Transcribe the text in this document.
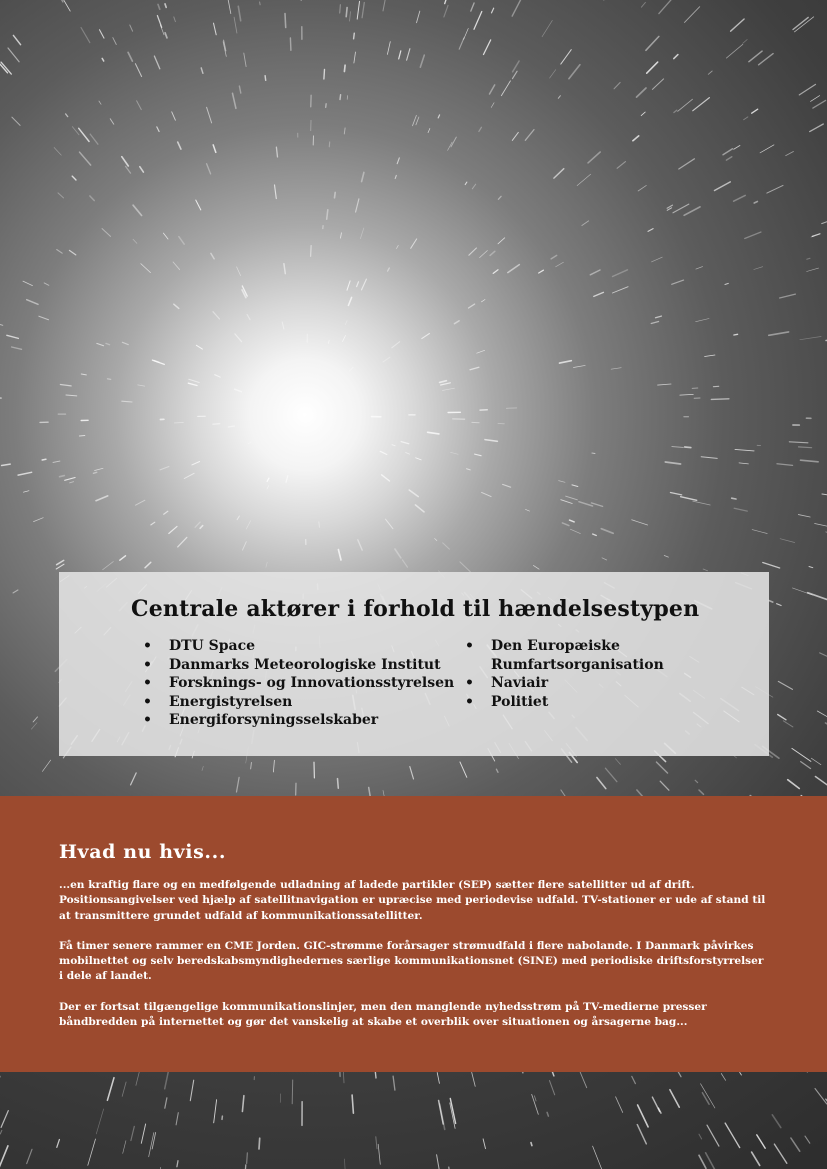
Centrale aktører i forhold til hændelsestypen
• DTU Space
• Danmarks Meteorologiske Institut
• Forsknings- og Innovationsstyrelsen
• Energistyrelsen
• Energiforsyningsselskaber
• Den Europæiske
Rumfartsorganisation
• Naviair
• Politiet
Hvad nu hvis...

...en kraftig flare og en medfølgende udladning af ladede partikler (SEP) sætter flere satellitter ud af drift. Positionsangivelser ved hjælp af satellitnavigation er upræcise med periodevise udfald. TV-stationer er ude af stand til at transmittere grundet udfald af kommunikationssatellitter.

Få timer senere rammer en CME Jorden. GIC-strømme forårsager strømudfald i flere nabolande. I Danmark påvirkes mobilnettet og selv beredskabsmyndighedernes særlige kommunikationsnet (SINE) med periodiske driftsforstyrrelser i dele af landet.

Der er fortsat tilgængelige kommunikationslinjer, men den manglende nyhedsstrøm på TV-medierne presser båndbredden på internettet og gør det vanskelig at skabe et overblik over situationen og årsagerne bag...
